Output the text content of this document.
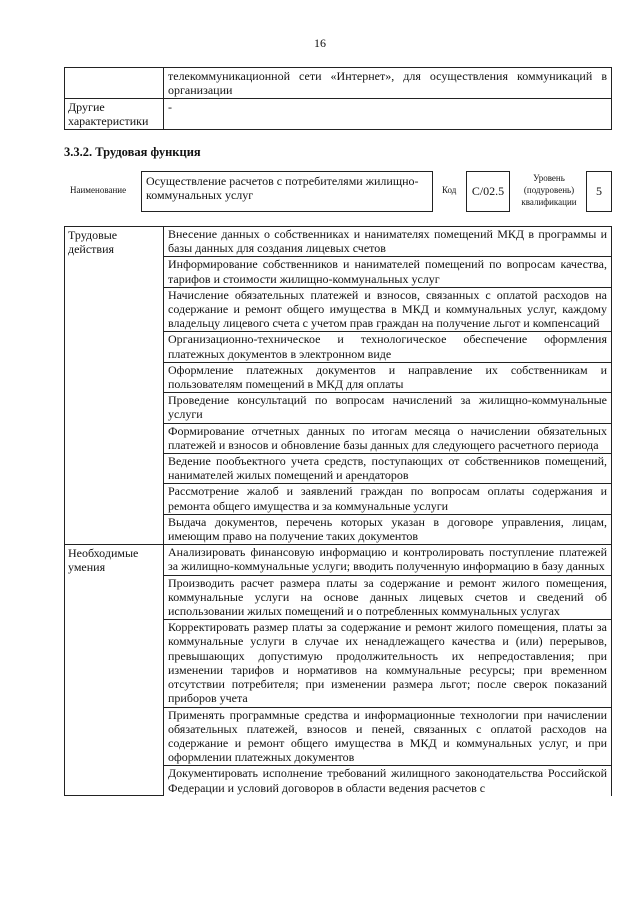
16
	телекоммуникационной сети «Интернет», для осуществления коммуникаций в организации
Другие характеристики	-
3.3.2. Трудовая функция
Наименование
Осуществление расчетов с потребителями жилищно-коммунальных услуг	Код	С/02.5
Уровень (подуровень) квалификации
5
Трудовые действия	Внесение данных о собственниках и нанимателях помещений МКД в программы и базы данных для создания лицевых счетов
	Информирование собственников и нанимателей помещений по вопросам качества, тарифов и стоимости жилищно-коммунальных услуг
	Начисление обязательных платежей и взносов, связанных с оплатой расходов на содержание и ремонт общего имущества в МКД и коммунальных услуг, каждому владельцу лицевого счета с учетом прав граждан на получение льгот и компенсаций
	Организационно-техническое и технологическое обеспечение оформления платежных документов в электронном виде
	Оформление платежных документов и направление их собственникам и пользователям помещений в МКД для оплаты
	Проведение консультаций по вопросам начислений за жилищно-коммунальные услуги
	Формирование отчетных данных по итогам месяца о начислении обязательных платежей и взносов и обновление базы данных для следующего расчетного периода
	Ведение пообъектного учета средств, поступающих от собственников помещений, нанимателей жилых помещений и арендаторов
	Рассмотрение жалоб и заявлений граждан по вопросам оплаты содержания и ремонта общего имущества и за коммунальные услуги
	Выдача документов, перечень которых указан в договоре управления, лицам, имеющим право на получение таких документов
Необходимые умения	Анализировать финансовую информацию и контролировать поступление платежей за жилищно-коммунальные услуги; вводить полученную информацию в базу данных
	Производить расчет размера платы за содержание и ремонт жилого помещения, коммунальные услуги на основе данных лицевых счетов и сведений об использовании жилых помещений и о потребленных коммунальных услугах
	Корректировать размер платы за содержание и ремонт жилого помещения, платы за коммунальные услуги в случае их ненадлежащего качества и (или) перерывов, превышающих допустимую продолжительность их непредоставления; при изменении тарифов и нормативов на коммунальные ресурсы; при временном отсутствии потребителя; при изменении размера льгот; после сверок показаний приборов учета
	Применять программные средства и информационные технологии при начислении обязательных платежей, взносов и пеней, связанных с оплатой расходов на содержание и ремонт общего имущества в МКД и коммунальных услуг, и при оформлении платежных документов
	Документировать исполнение требований жилищного законодательства Российской Федерации и условий договоров в области ведения расчетов с
